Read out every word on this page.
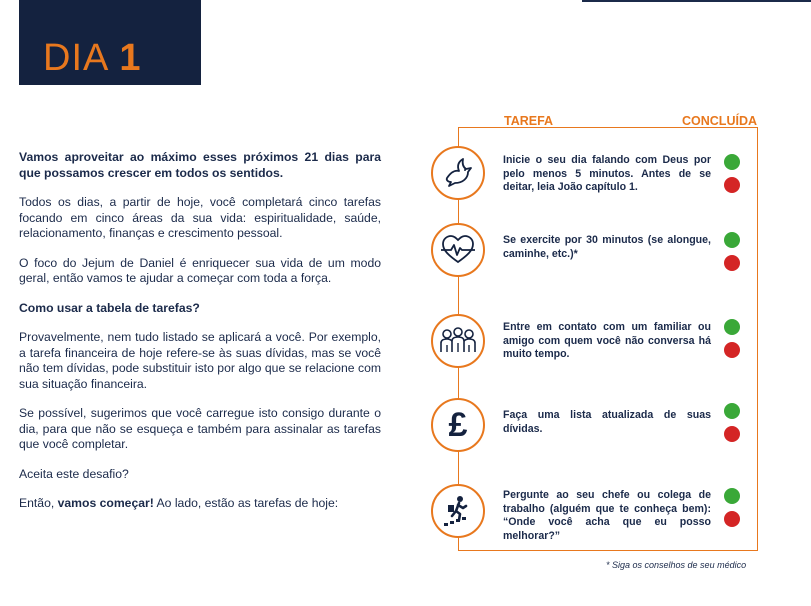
DIA 1

Vamos aproveitar ao máximo esses próximos 21 dias para que possamos crescer em todos os sentidos.

Todos os dias, a partir de hoje, você completará cinco tarefas focando em cinco áreas da sua vida: espiritualidade, saúde, relacionamento, finanças e crescimento pessoal.

O foco do Jejum de Daniel é enriquecer sua vida de um modo geral, então vamos te ajudar a começar com toda a força.

Como usar a tabela de tarefas?

Provavelmente, nem tudo listado se aplicará a você. Por exemplo, a tarefa financeira de hoje refere-se às suas dívidas, mas se você não tem dívidas, pode substituir isto por algo que se relacione com sua situação financeira.

Se possível, sugerimos que você carregue isto consigo durante o dia, para que não se esqueça e também para assinalar as tarefas que você completar.

Aceita este desafio?

Então, vamos começar! Ao lado, estão as tarefas de hoje:

TAREFA	CONCLUÍDA
Inicie o seu dia falando com Deus por pelo menos 5 minutos. Antes de se deitar, leia João capítulo 1.
Se exercite por 30 minutos (se alongue, caminhe, etc.)*
Entre em contato com um familiar ou amigo com quem você não conversa há muito tempo.
£	Faça uma lista atualizada de suas dívidas.
Pergunte ao seu chefe ou colega de trabalho (alguém que te conheça bem): “Onde você acha que eu posso melhorar?”
* Siga os conselhos de seu médico
